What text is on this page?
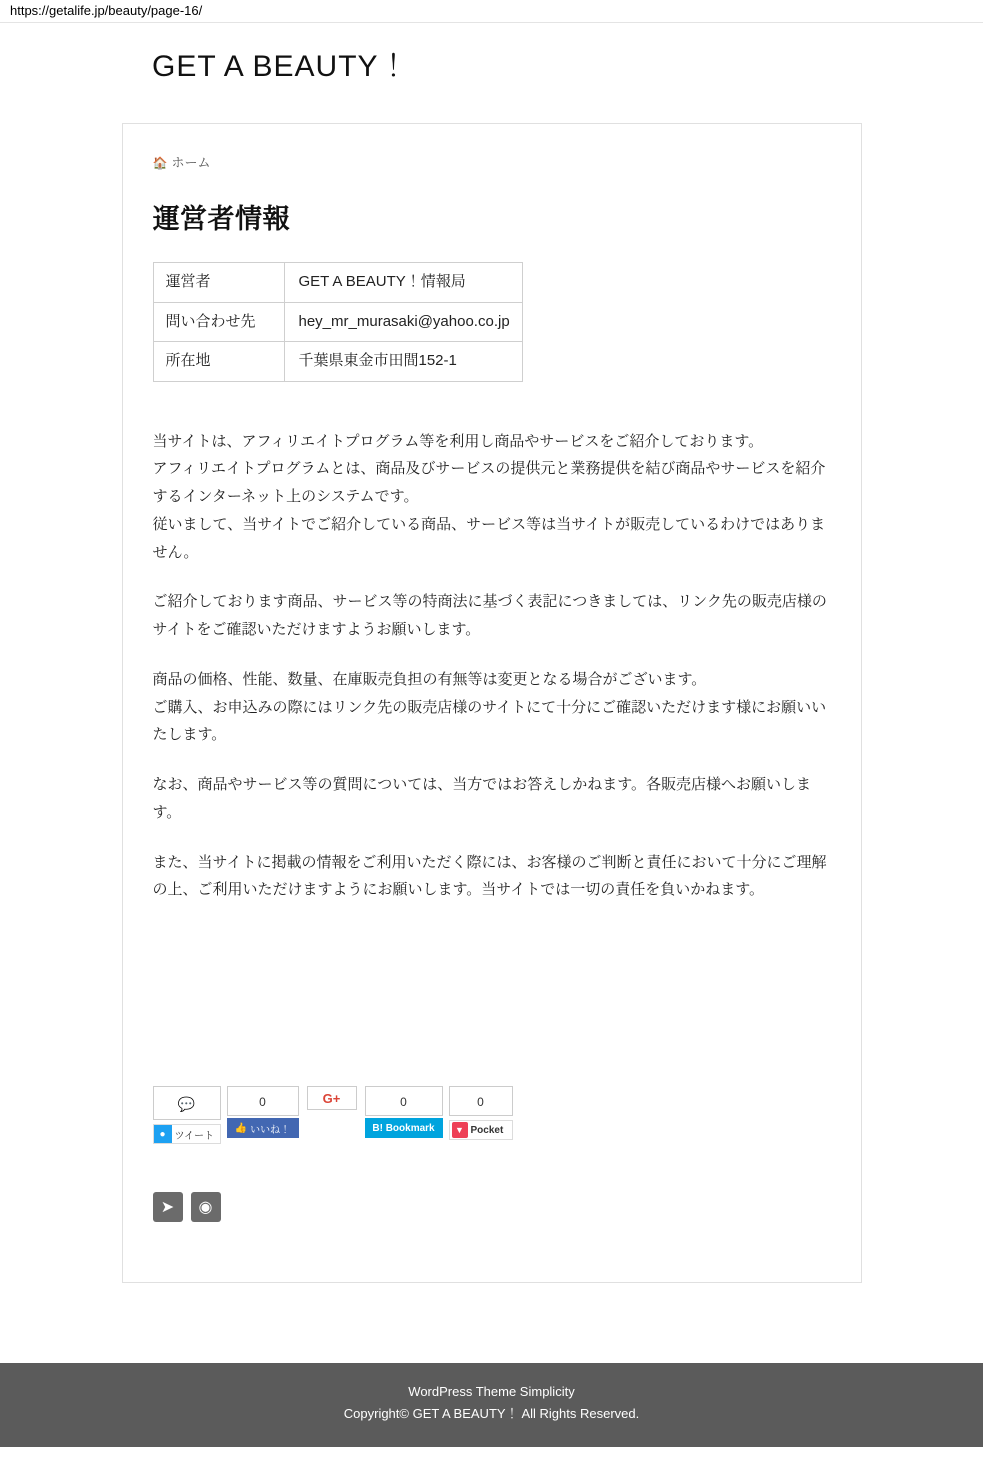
https://getalife.jp/beauty/page-16/
GET A BEAUTY！
🏠 ホーム
運営者情報
運営者	GET A BEAUTY！情報局
問い合わせ先	hey_mr_murasaki@yahoo.co.jp
所在地	千葉県東金市田間152-1

当サイトは、アフィリエイトプログラム等を利用し商品やサービスをご紹介しております。
アフィリエイトプログラムとは、商品及びサービスの提供元と業務提供を結び商品やサービスを紹介するインターネット上のシステムです。
従いまして、当サイトでご紹介している商品、サービス等は当サイトが販売しているわけではありません。

ご紹介しております商品、サービス等の特商法に基づく表記につきましては、リンク先の販売店様のサイトをご確認いただけますようお願いします。

商品の価格、性能、数量、在庫販売負担の有無等は変更となる場合がございます。
ご購入、お申込みの際にはリンク先の販売店様のサイトにて十分にご確認いただけます様にお願いいたします。

なお、商品やサービス等の質問については、当方ではお答えしかねます。各販売店様へお願いします。

また、当サイトに掲載の情報をご利用いただく際には、お客様のご判断と責任において十分にご理解の上、ご利用いただけますようにお願いします。当サイトでは一切の責任を負いかねます。

💬
● ツイート
0
👍
いいね！
G+	0
B! Bookmark
0
▼ Pocket
➤	◉
WordPress Theme Simplicity
Copyright© GET A BEAUTY！ All Rights Reserved.
